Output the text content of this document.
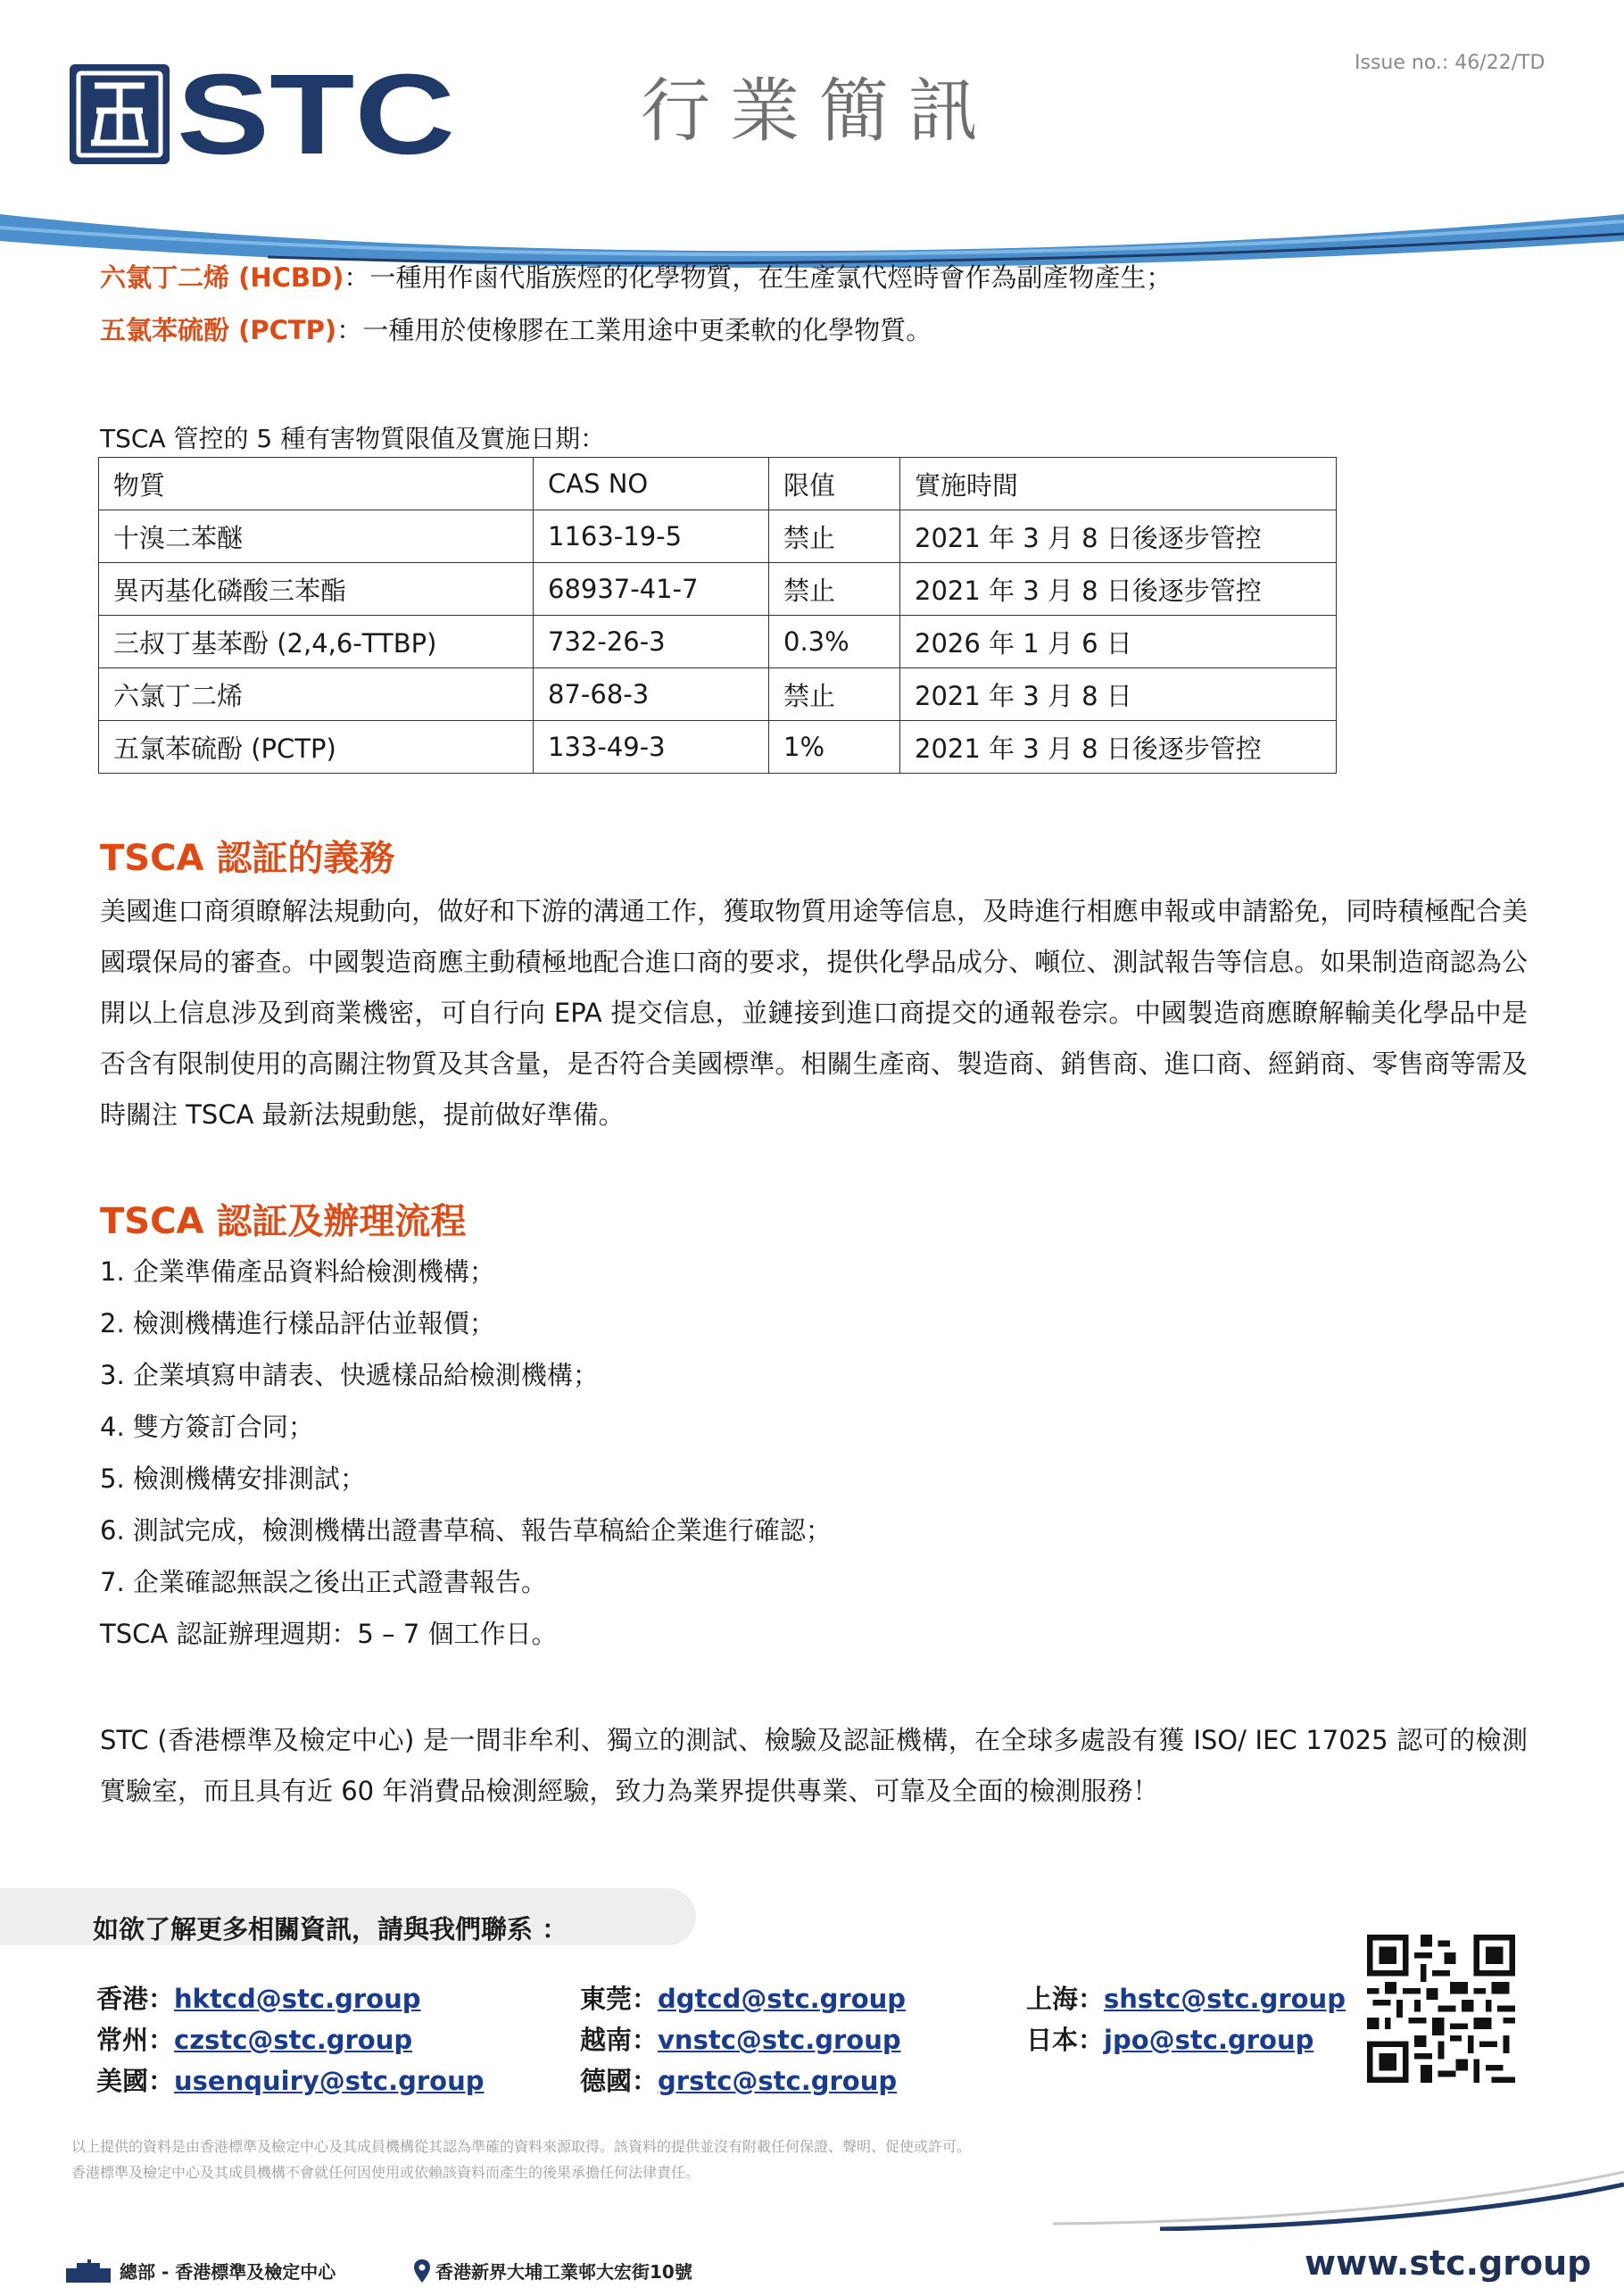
STC	行業簡訊
Issue no.: 46/22/TD
六氯丁二烯 (HCBD)：一種用作鹵代脂族烴的化學物質，在生產氯代烴時會作為副產物產生；
五氯苯硫酚 (PCTP)：一種用於使橡膠在工業用途中更柔軟的化學物質。
TSCA 管控的 5 種有害物質限值及實施日期：
物質	CAS NO	限值	實施時間
十溴二苯醚	1163-19-5	禁止	2021 年 3 月 8 日後逐步管控
異丙基化磷酸三苯酯	68937-41-7	禁止	2021 年 3 月 8 日後逐步管控
三叔丁基苯酚 (2,4,6-TTBP)	732-26-3	0.3%	2026 年 1 月 6 日
六氯丁二烯	87-68-3	禁止	2021 年 3 月 8 日
五氯苯硫酚 (PCTP)	133-49-3	1%	2021 年 3 月 8 日後逐步管控
TSCA 認証的義務
美國進口商須瞭解法規動向，做好和下游的溝通工作，獲取物質用途等信息，及時進行相應申報或申請豁免，同時積極配合美國環保局的審查。中國製造商應主動積極地配合進口商的要求，提供化學品成分、噸位、測試報告等信息。如果制造商認為公開以上信息涉及到商業機密，可自行向 EPA 提交信息，並鏈接到進口商提交的通報卷宗。中國製造商應瞭解輸美化學品中是否含有限制使用的高關注物質及其含量，是否符合美國標準。相關生產商、製造商、銷售商、進口商、經銷商、零售商等需及時關注 TSCA 最新法規動態，提前做好準備。
TSCA 認証及辦理流程
1. 企業準備產品資料給檢測機構；
2. 檢測機構進行樣品評估並報價；
3. 企業填寫申請表、快遞樣品給檢測機構；
4. 雙方簽訂合同；
5. 檢測機構安排測試；
6. 測試完成，檢測機構出證書草稿、報告草稿給企業進行確認；
7. 企業確認無誤之後出正式證書報告。
TSCA 認証辦理週期：5 – 7 個工作日。
STC (香港標準及檢定中心) 是一間非牟利、獨立的測試、檢驗及認証機構，在全球多處設有獲 ISO/ IEC 17025 認可的檢測實驗室，而且具有近 60 年消費品檢測經驗，致力為業界提供專業、可靠及全面的檢測服務！
如欲了解更多相關資訊，請與我們聯系 ：
香港：hktcd@stc.group	東莞：dgtcd@stc.group	上海：shstc@stc.group
常州：czstc@stc.group	越南：vnstc@stc.group	日本：jpo@stc.group
美國：usenquiry@stc.group	德國：grstc@stc.group
以上提供的資料是由香港標準及檢定中心及其成員機構從其認為準確的資料來源取得。該資料的提供並沒有附載任何保證、聲明、促使或許可。
香港標準及檢定中心及其成員機構不會就任何因使用或依賴該資料而產生的後果承擔任何法律責任。
總部 - 香港標準及檢定中心	香港新界大埔工業邨大宏街10號	www.stc.group
